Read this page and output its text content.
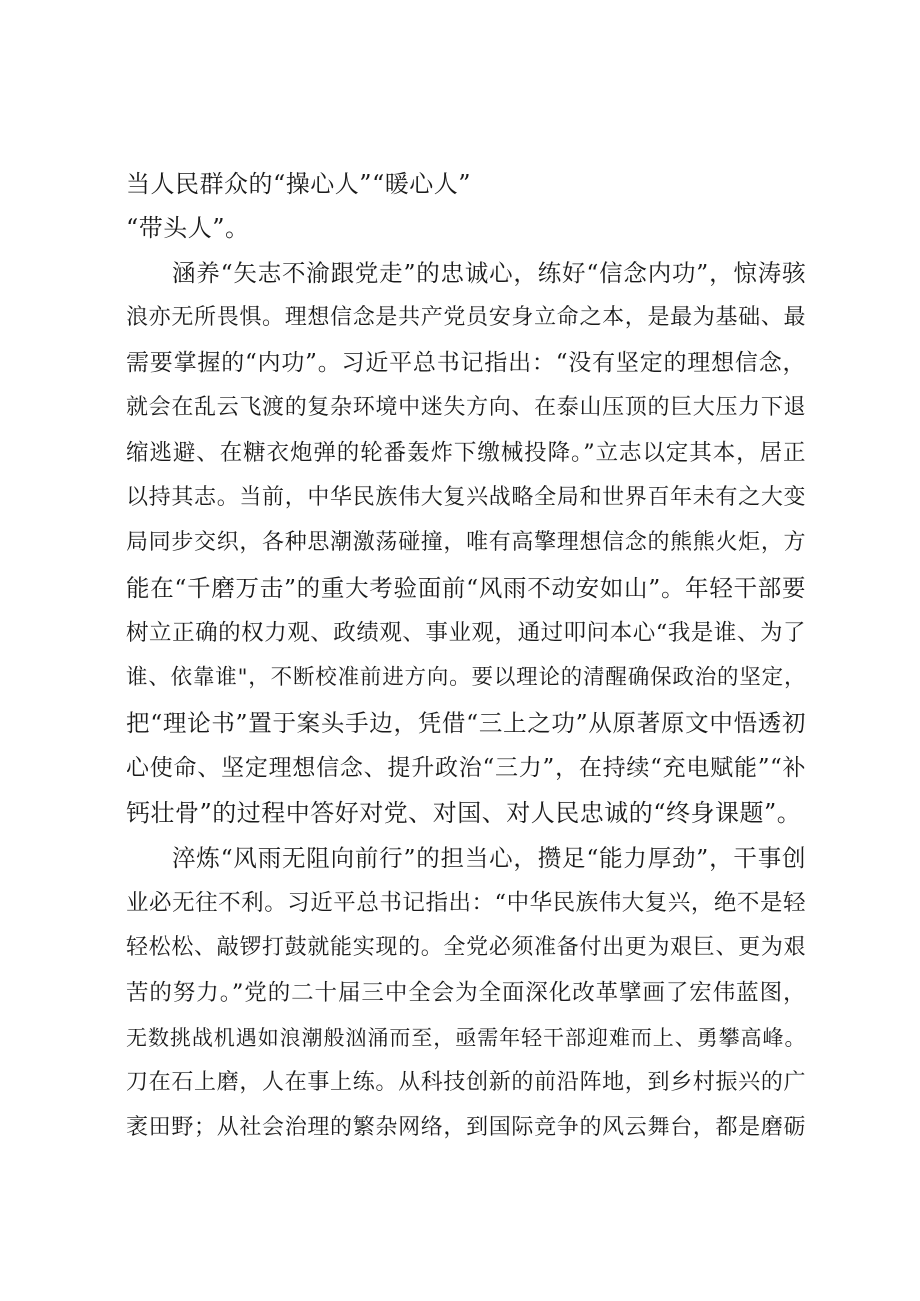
当人民群众的“操心人”“暖心人”
“带头人”。
涵养“矢志不渝跟党走”的忠诚心，练好“信念内功”，惊涛骇
浪亦无所畏惧。理想信念是共产党员安身立命之本，是最为基础、最
需要掌握的“内功”。习近平总书记指出：“没有坚定的理想信念，
就会在乱云飞渡的复杂环境中迷失方向、在泰山压顶的巨大压力下退
缩逃避、在糖衣炮弹的轮番轰炸下缴械投降。”立志以定其本，居正
以持其志。当前，中华民族伟大复兴战略全局和世界百年未有之大变
局同步交织，各种思潮激荡碰撞，唯有高擎理想信念的熊熊火炬，方
能在“千磨万击”的重大考验面前“风雨不动安如山”。年轻干部要
树立正确的权力观、政绩观、事业观，通过叩问本心“我是谁、为了
谁、依靠谁"，不断校准前进方向。要以理论的清醒确保政治的坚定，
把“理论书”置于案头手边，凭借“三上之功”从原著原文中悟透初
心使命、坚定理想信念、提升政治“三力”，在持续“充电赋能”“补
钙壮骨”的过程中答好对党、对国、对人民忠诚的“终身课题”。
淬炼“风雨无阻向前行”的担当心，攒足“能力厚劲”，干事创
业必无往不利。习近平总书记指出：“中华民族伟大复兴，绝不是轻
轻松松、敲锣打鼓就能实现的。全党必须准备付出更为艰巨、更为艰
苦的努力。”党的二十届三中全会为全面深化改革擘画了宏伟蓝图，
无数挑战机遇如浪潮般汹涌而至，亟需年轻干部迎难而上、勇攀高峰。
刀在石上磨，人在事上练。从科技创新的前沿阵地，到乡村振兴的广
袤田野；从社会治理的繁杂网络，到国际竞争的风云舞台，都是磨砺
